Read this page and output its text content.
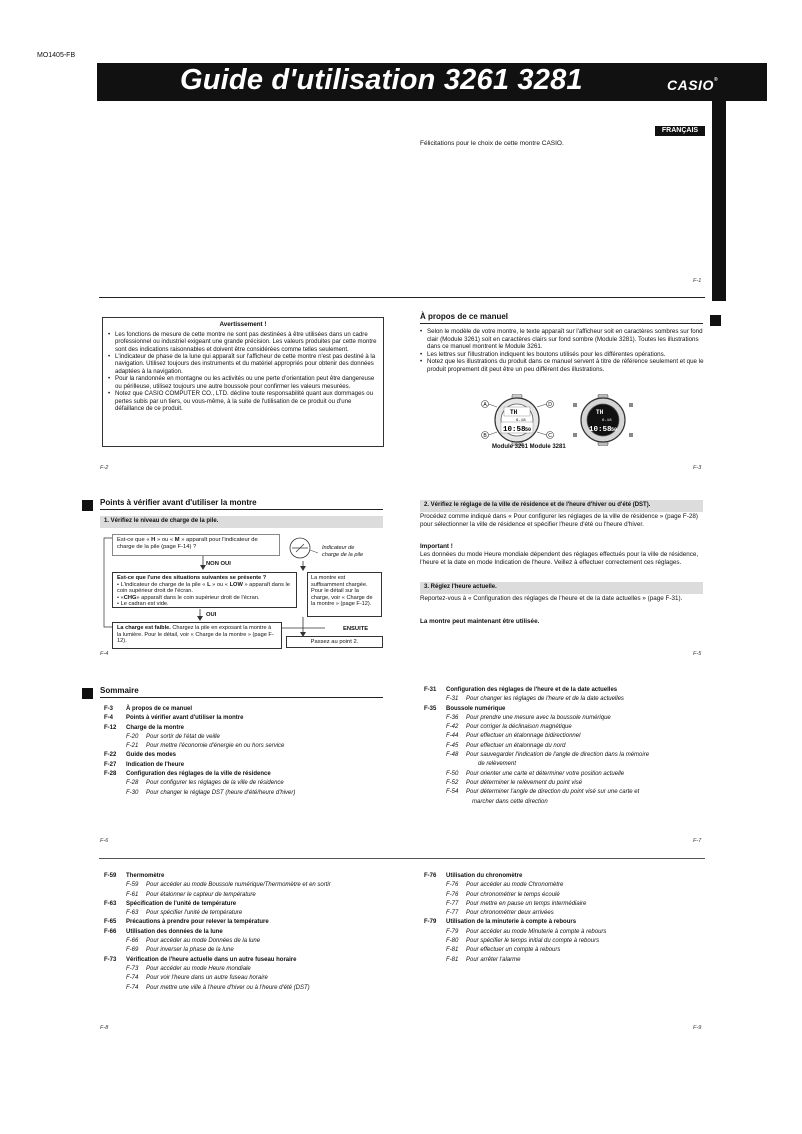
MO1405-FB
Guide d'utilisation 3261 3281	CASIO®
FRANÇAIS
Félicitations pour le choix de cette montre CASIO.
F-1
Avertissement !
• Les fonctions de mesure de cette montre ne sont pas destinées à être utilisées dans un cadre professionnel ou industriel exigeant une grande précision. Les valeurs produites par cette montre sont des indications raisonnables et doivent être considérées comme telles seulement.
• L'indicateur de phase de la lune qui apparaît sur l'afficheur de cette montre n'est pas destiné à la navigation. Utilisez toujours des instruments et du matériel appropriés pour obtenir des données adaptées à la navigation.
• Pour la randonnée en montagne ou les activités ou une perte d'orientation peut être dangereuse ou périlleuse, utilisez toujours une autre boussole pour confirmer les valeurs mesurées.
• Notez que CASIO COMPUTER CO., LTD. décline toute responsabilité quant aux dommages ou pertes subis par un tiers, ou vous-même, à la suite de l'utilisation de ce produit ou d'une défaillance de ce produit.
F-2
À propos de ce manuel
• Selon le modèle de votre montre, le texte apparaît sur l'afficheur soit en caractères sombres sur fond clair (Module 3261) soit en caractères clairs sur fond sombre (Module 3281). Toutes les illustrations dans ce manuel montrent le Module 3261.
• Les lettres sur l'illustration indiquent les boutons utilisés pour les différentes opérations.
• Notez que les illustrations du produit dans ce manuel servent à titre de référence seulement et que le produit proprement dit peut être un peu différent des illustrations.
A
B	C
D
TH
6-18
10:58 50
TH
6-18
10:58 50
Module 3261 Module 3281
F-3
Points à vérifier avant d'utiliser la montre
1. Vérifiez le niveau de charge de la pile.
Est-ce que « H » ou « M » apparaît pour l'indicateur de charge de la pile (page F-14) ?	Indicateur de charge de la pile
NON OUI
Est-ce que l'une des situations suivantes se présente ?
• L'indicateur de charge de la pile « L » ou « LOW » apparaît dans le coin supérieur droit de l'écran.
• «CHG» apparaît dans le coin supérieur droit de l'écran.
• Le cadran est vide.
La montre est suffisamment chargée. Pour le détail sur la charge, voir « Charge de la montre » (page F-12).
OUI
La charge est faible. Chargez la pile en exposant la montre à la lumière. Pour le détail, voir « Charge de la montre » (page F-12).
ENSUITE
Passez au point 2.
F-4
2. Vérifiez le réglage de la ville de résidence et de l'heure d'hiver ou d'été (DST).
Procédez comme indiqué dans « Pour configurer les réglages de la ville de résidence » (page F-28) pour sélectionner la ville de résidence et spécifier l'heure d'été ou l'heure d'hiver.
Important !
Les données du mode Heure mondiale dépendent des réglages effectués pour la ville de résidence, l'heure et la date en mode Indication de l'heure. Veillez à effectuer correctement ces réglages.
3. Réglez l'heure actuelle.
Reportez-vous à « Configuration des réglages de l'heure et de la date actuelles » (page F-31).
La montre peut maintenant être utilisée.
F-5
Sommaire
F-3 À propos de ce manuel
F-4 Points à vérifier avant d'utiliser la montre
F-12 Charge de la montre
F-20 Pour sortir de l'état de veille
F-21 Pour mettre l'économie d'énergie en ou hors service
F-22 Guide des modes
F-27 Indication de l'heure
F-28 Configuration des réglages de la ville de résidence
F-28 Pour configurer les réglages de la ville de résidence
F-30 Pour changer le réglage DST (heure d'été/heure d'hiver)
F-6
F-31 Configuration des réglages de l'heure et de la date actuelles
F-31 Pour changer les réglages de l'heure et de la date actuelles
F-35 Boussole numérique
F-36 Pour prendre une mesure avec la boussole numérique
F-42 Pour corriger la déclinaison magnétique
F-44 Pour effectuer un étalonnage bidirectionnel
F-45 Pour effectuer un étalonnage du nord
F-48 Pour sauvegarder l'indication de l'angle de direction dans la mémoire
de relèvement
F-50 Pour orienter une carte et déterminer votre position actuelle
F-52 Pour déterminer le relèvement du point visé
F-54 Pour déterminer l'angle de direction du point visé sur une carte et
marcher dans cette direction
F-7
F-59 Thermomètre
F-59 Pour accéder au mode Boussole numérique/Thermomètre et en sortir
F-61 Pour étalonner le capteur de température
F-63 Spécification de l'unité de température
F-63 Pour spécifier l'unité de température
F-65 Précautions à prendre pour relever la température
F-66 Utilisation des données de la lune
F-66 Pour accéder au mode Données de la lune
F-69 Pour inverser la phase de la lune
F-73 Vérification de l'heure actuelle dans un autre fuseau horaire
F-73 Pour accéder au mode Heure mondiale
F-74 Pour voir l'heure dans un autre fuseau horaire
F-74 Pour mettre une ville à l'heure d'hiver ou à l'heure d'été (DST)
F-8
F-76 Utilisation du chronomètre
F-76 Pour accéder au mode Chronomètre
F-76 Pour chronométrer le temps écoulé
F-77 Pour mettre en pause un temps intermédiaire
F-77 Pour chronométrer deux arrivées
F-79 Utilisation de la minuterie à compte à rebours
F-79 Pour accéder au mode Minuterie à compte à rebours
F-80 Pour spécifier le temps initial du compte à rebours
F-81 Pour effectuer un compte à rebours
F-81 Pour arrêter l'alarme
F-9
